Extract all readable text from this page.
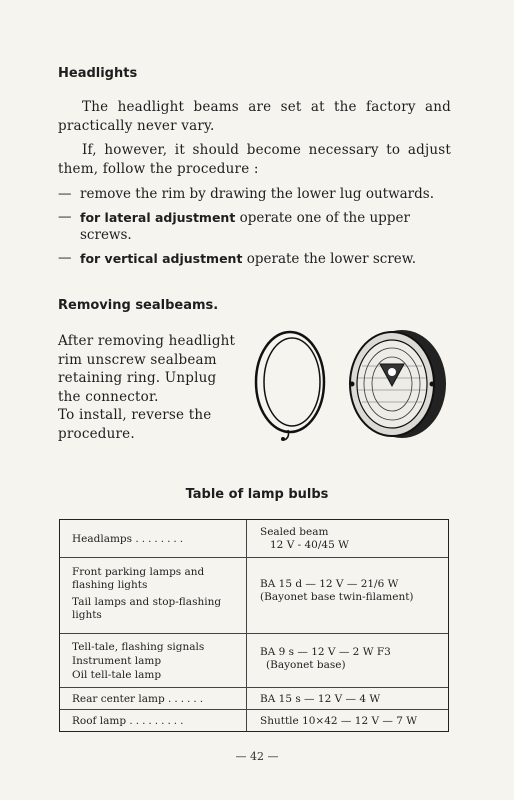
Headlights
The headlight beams are set at the factory and practically never vary.
If, however, it should become necessary to adjust them, follow the procedure :
— remove the rim by drawing the lower lug outwards.
— for lateral adjustment operate one of the upper screws.
— for vertical adjustment operate the lower screw.
Removing sealbeams.
After removing headlight rim unscrew sealbeam retaining ring. Unplug the connector.
To install, reverse the procedure.
Table of lamp bulbs
Headlamps ........
Sealed beam
12 V - 40/45 W
Front parking lamps and flashing lights
Tail lamps and stop-flashing lights
BA 15 d — 12 V — 21/6 W
(Bayonet base twin-filament)
Tell-tale, flashing signals
Instrument lamp
Oil tell-tale lamp
BA 9 s — 12 V — 2 W F3
(Bayonet base)
Rear center lamp ......	BA 15 s — 12 V — 4 W
Roof lamp .........	Shuttle 10×42 — 12 V — 7 W
— 42 —
